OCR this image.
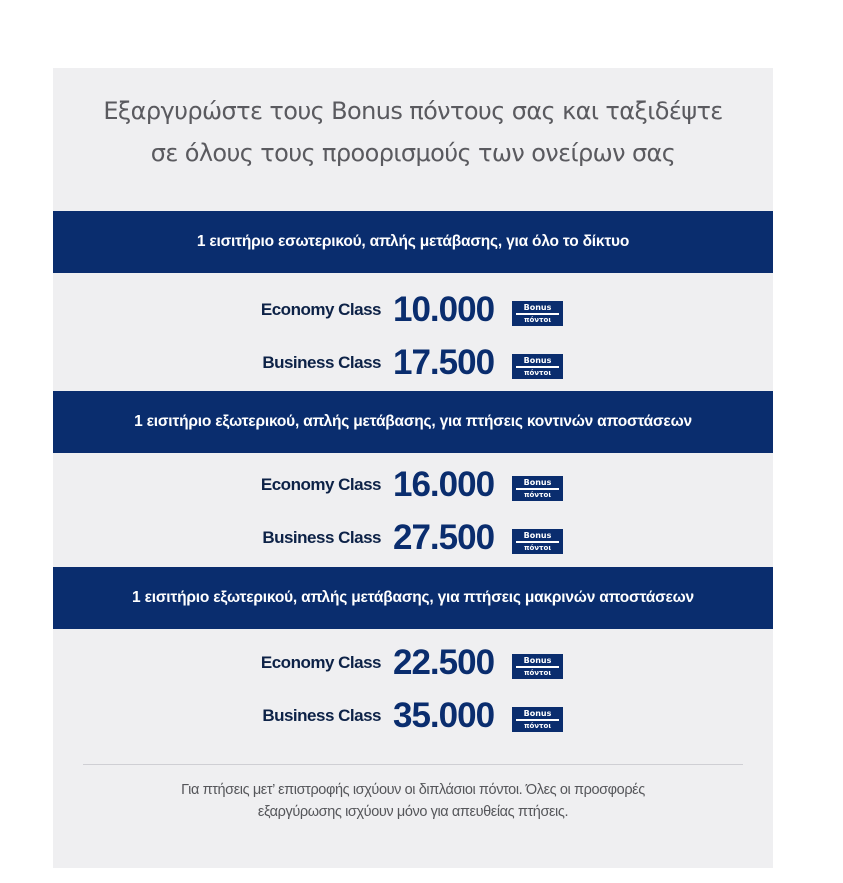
Εξαργυρώστε τους Bonus πόντους σας και ταξιδέψτε
σε όλους τους προορισμούς των ονείρων σας
1 εισιτήριο εσωτερικού, απλής μετάβασης, για όλο το δίκτυο
Economy Class 10.000	Bonus
πόντοι
Business Class 17.500	Bonus
πόντοι
1 εισιτήριο εξωτερικού, απλής μετάβασης, για πτήσεις κοντινών αποστάσεων
Economy Class 16.000	Bonus
πόντοι
Business Class 27.500	Bonus
πόντοι
1 εισιτήριο εξωτερικού, απλής μετάβασης, για πτήσεις μακρινών αποστάσεων
Economy Class 22.500	Bonus
πόντοι
Business Class 35.000	Bonus
πόντοι
Για πτήσεις μετ’ επιστροφής ισχύουν οι διπλάσιοι πόντοι. Όλες οι προσφορές
εξαργύρωσης ισχύουν μόνο για απευθείας πτήσεις.
